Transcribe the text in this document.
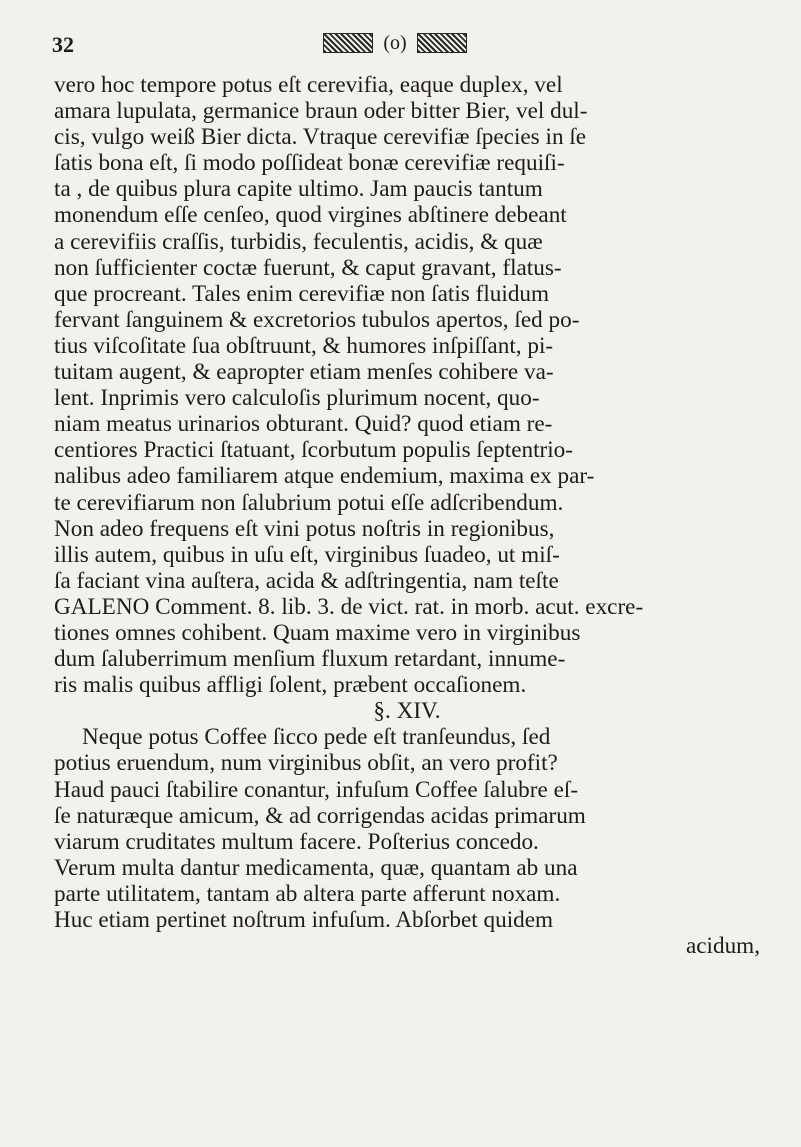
32	(o)
vero hoc tempore potus eſt cerevifia, eaque duplex, vel
amara lupulata, germanice braun oder bitter Bier, vel dul-
cis, vulgo weiß Bier dicta. Vtraque cerevifiæ ſpecies in ſe
ſatis bona eſt, ſi modo poſſideat bonæ cerevifiæ requiſi-
ta , de quibus plura capite ultimo. Jam paucis tantum
monendum eſſe cenſeo, quod virgines abſtinere debeant
a cerevifiis craſſis, turbidis, feculentis, acidis, & quæ
non ſufficienter coctæ fuerunt, & caput gravant, flatus-
que procreant. Tales enim cerevifiæ non ſatis fluidum
fervant ſanguinem & excretorios tubulos apertos, ſed po-
tius viſcoſitate ſua obſtruunt, & humores inſpiſſant, pi-
tuitam augent, & eapropter etiam menſes cohibere va-
lent. Inprimis vero calculoſis plurimum nocent, quo-
niam meatus urinarios obturant. Quid? quod etiam re-
centiores Practici ſtatuant, ſcorbutum populis ſeptentrio-
nalibus adeo familiarem atque endemium, maxima ex par-
te cerevifiarum non ſalubrium potui eſſe adſcribendum.
Non adeo frequens eſt vini potus noſtris in regionibus,
illis autem, quibus in uſu eſt, virginibus ſuadeo, ut miſ-
ſa faciant vina auſtera, acida & adſtringentia, nam teſte
GALENO Comment. 8. lib. 3. de vict. rat. in morb. acut. excre-
tiones omnes cohibent. Quam maxime vero in virginibus
dum ſaluberrimum menſium fluxum retardant, innume-
ris malis quibus affligi ſolent, præbent occaſionem.
§. XIV.
Neque potus Coffee ſicco pede eſt tranſeundus, ſed
potius eruendum, num virginibus obſit, an vero profit?
Haud pauci ſtabilire conantur, infuſum Coffee ſalubre eſ-
ſe naturæque amicum, & ad corrigendas acidas primarum
viarum cruditates multum facere. Poſterius concedo.
Verum multa dantur medicamenta, quæ, quantam ab una
parte utilitatem, tantam ab altera parte afferunt noxam.
Huc etiam pertinet noſtrum infuſum. Abſorbet quidem
acidum,
